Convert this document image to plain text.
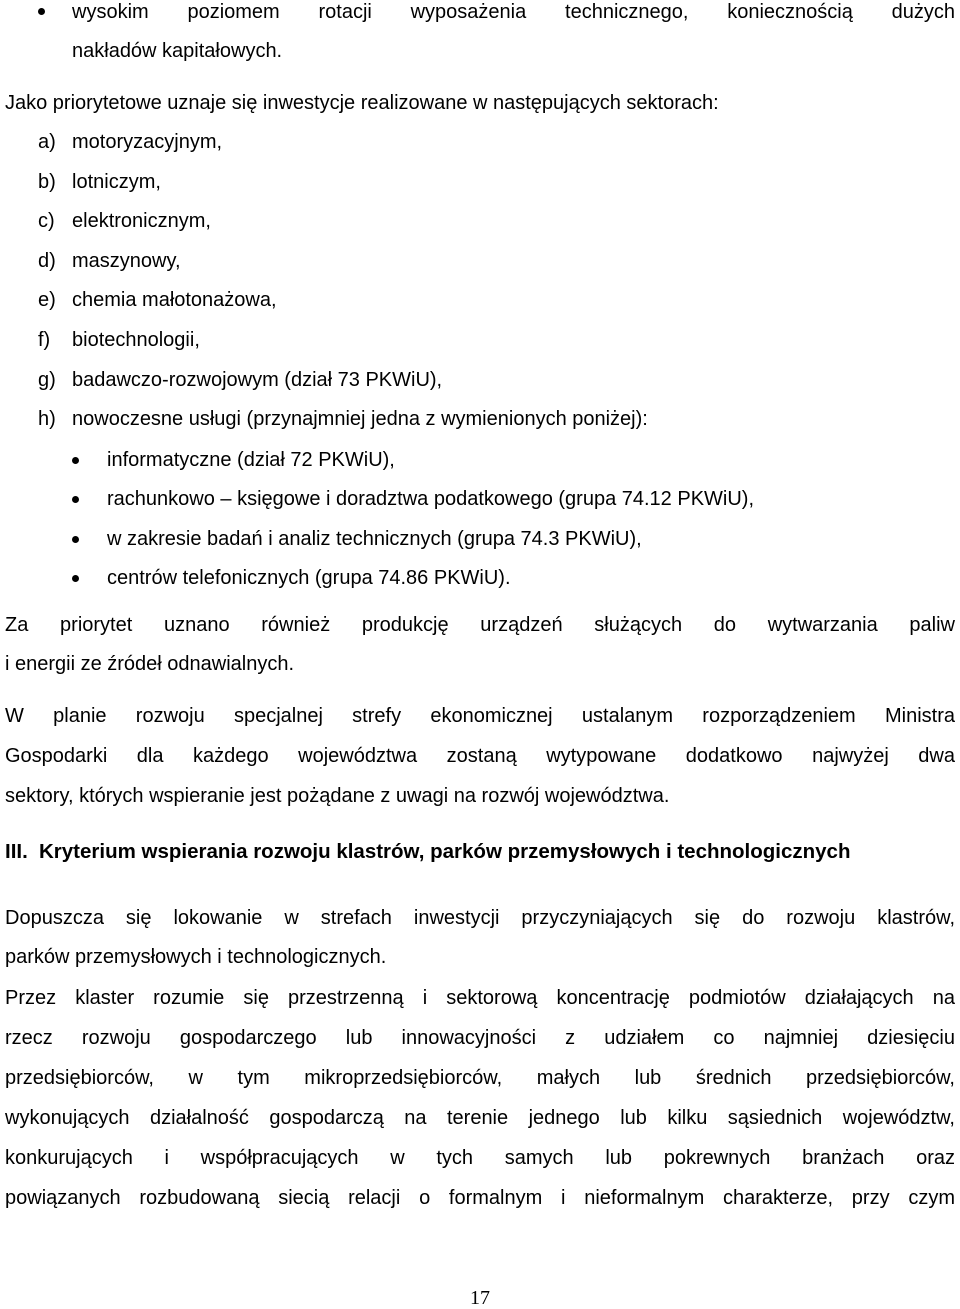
wysokim poziomem rotacji wyposażenia technicznego, koniecznością dużych
nakładów kapitałowych.
Jako priorytetowe uznaje się inwestycje realizowane w następujących sektorach:
a) motoryzacyjnym,
b) lotniczym,
c) elektronicznym,
d) maszynowy,
e) chemia małotonażowa,
f)	biotechnologii,
g) badawczo-rozwojowym (dział 73 PKWiU),
h) nowoczesne usługi (przynajmniej jedna z wymienionych poniżej):
informatyczne (dział 72 PKWiU),
rachunkowo – księgowe i doradztwa podatkowego (grupa 74.12 PKWiU),
w zakresie badań i analiz technicznych (grupa 74.3 PKWiU),
centrów telefonicznych (grupa 74.86 PKWiU).
Za priorytet uznano również produkcję urządzeń służących do wytwarzania paliw
i energii ze źródeł odnawialnych.
W planie rozwoju specjalnej strefy ekonomicznej ustalanym rozporządzeniem Ministra
Gospodarki dla każdego województwa zostaną wytypowane dodatkowo najwyżej dwa
sektory, których wspieranie jest pożądane z uwagi na rozwój województwa.
III. Kryterium wspierania rozwoju klastrów, parków przemysłowych i technologicznych
Dopuszcza się lokowanie w strefach inwestycji przyczyniających się do rozwoju klastrów,
parków przemysłowych i technologicznych.
Przez klaster rozumie się przestrzenną i sektorową koncentrację podmiotów działających na
rzecz rozwoju gospodarczego lub innowacyjności z udziałem co najmniej dziesięciu
przedsiębiorców, w tym mikroprzedsiębiorców, małych lub średnich przedsiębiorców,
wykonujących działalność gospodarczą na terenie jednego lub kilku sąsiednich województw,
konkurujących i współpracujących w tych samych lub pokrewnych branżach oraz
powiązanych rozbudowaną siecią relacji o formalnym i nieformalnym charakterze, przy czym
17
